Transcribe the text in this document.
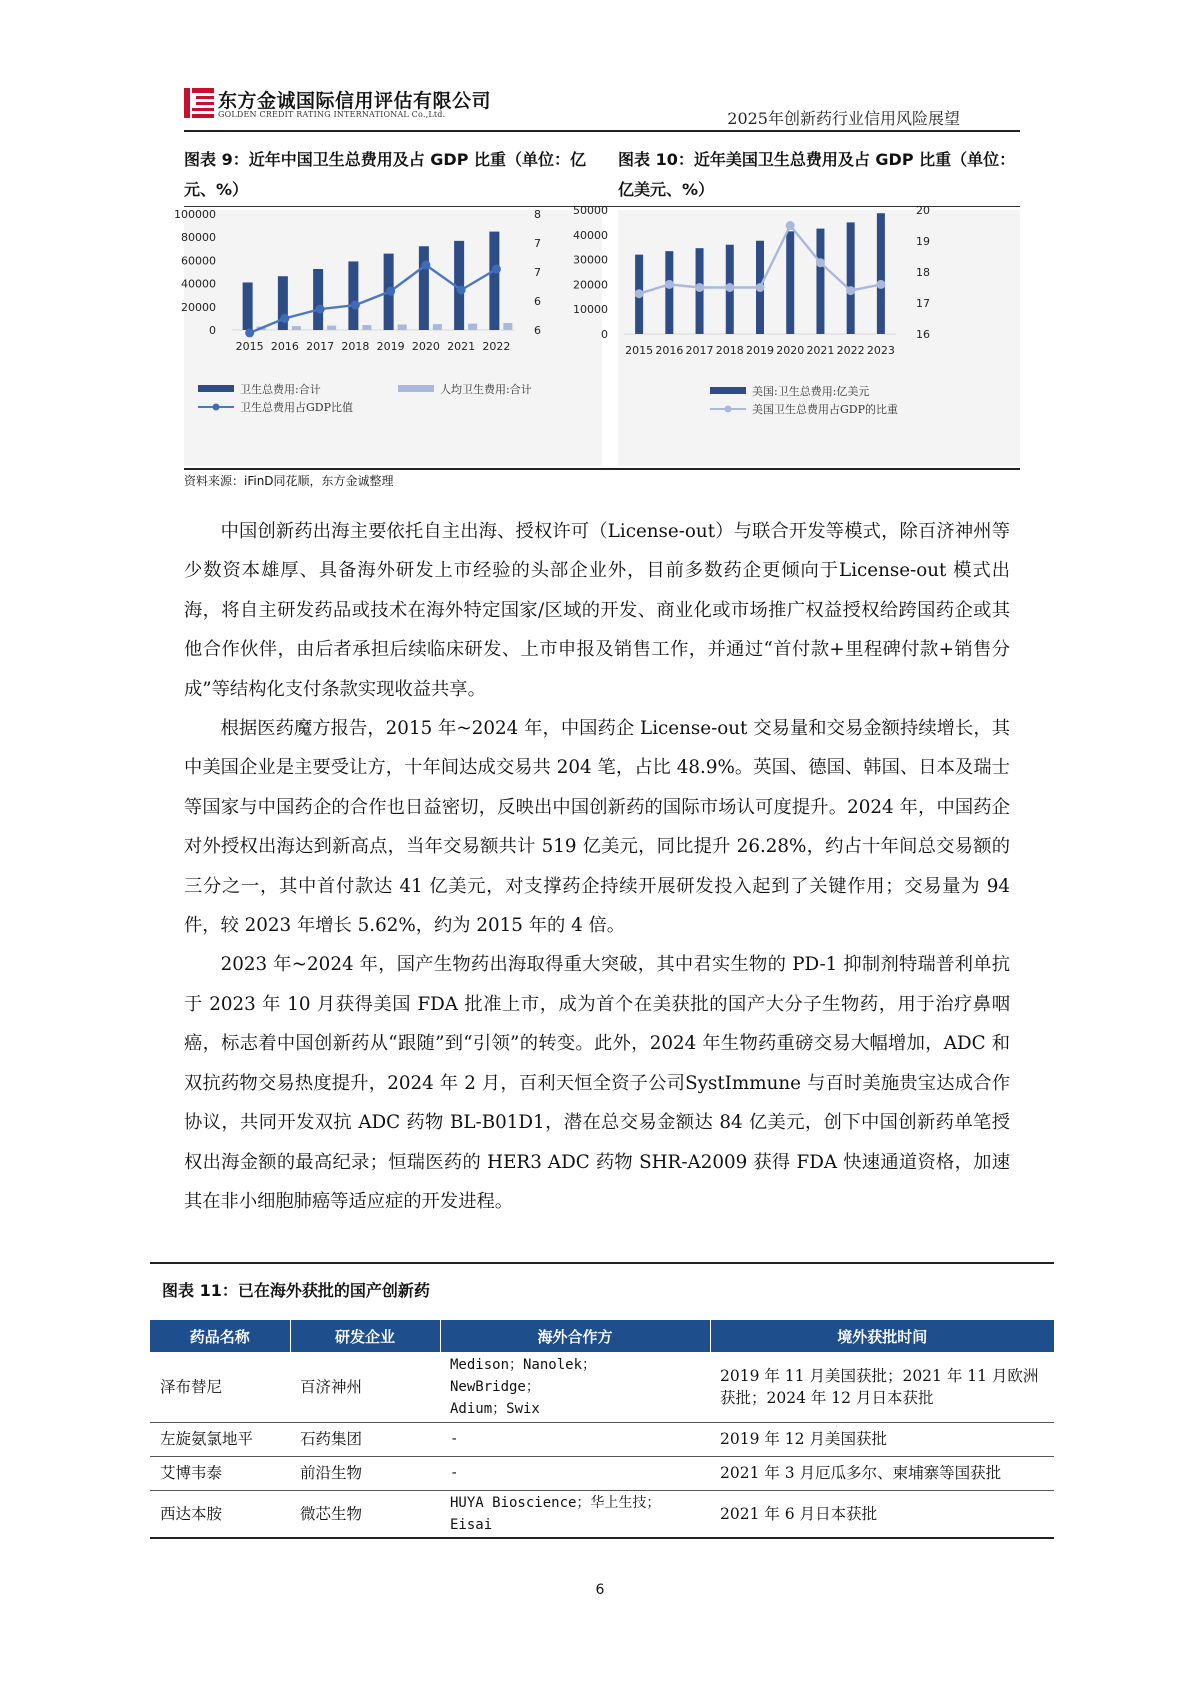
东方金诚国际信用评估有限公司
GOLDEN CREDIT RATING INTERNATIONAL Co.,Ltd.	2025年创新药行业信用风险展望
图表 9：近年中国卫生总费用及占 GDP 比重（单位：亿元、%）
图表 10：近年美国卫生总费用及占 GDP 比重（单位：亿美元、%）
0
20000
40000
60000
80000
100000
6
6
7
7
8
2015 2016 2017 2018 2019 2020 2021 2022
卫生总费用:合计	人均卫生费用:合计
卫生总费用占GDP比值
0
10000
20000
30000
40000
50000
16
17
18
19
20
2015 2016 2017 2018 2019 2020 2021 2022 2023
美国:卫生总费用:亿美元
美国卫生总费用占GDP的比重
资料来源：iFinD同花顺，东方金诚整理

中国创新药出海主要依托自主出海、授权许可（License-out）与联合开发等模式，除百济神州等少数资本雄厚、具备海外研发上市经验的头部企业外，目前多数药企更倾向于License-out 模式出海，将自主研发药品或技术在海外特定国家/区域的开发、商业化或市场推广权益授权给跨国药企或其他合作伙伴，由后者承担后续临床研发、上市申报及销售工作，并通过“首付款+里程碑付款+销售分成”等结构化支付条款实现收益共享。

根据医药魔方报告，2015 年~2024 年，中国药企 License-out 交易量和交易金额持续增长，其中美国企业是主要受让方，十年间达成交易共 204 笔，占比 48.9%。英国、德国、韩国、日本及瑞士等国家与中国药企的合作也日益密切，反映出中国创新药的国际市场认可度提升。2024 年，中国药企对外授权出海达到新高点，当年交易额共计 519 亿美元，同比提升 26.28%，约占十年间总交易额的三分之一，其中首付款达 41 亿美元，对支撑药企持续开展研发投入起到了关键作用；交易量为 94 件，较 2023 年增长 5.62%，约为 2015 年的 4 倍。

2023 年~2024 年，国产生物药出海取得重大突破，其中君实生物的 PD-1 抑制剂特瑞普利单抗于 2023 年 10 月获得美国 FDA 批准上市，成为首个在美获批的国产大分子生物药，用于治疗鼻咽癌，标志着中国创新药从“跟随”到“引领”的转变。此外，2024 年生物药重磅交易大幅增加，ADC 和双抗药物交易热度提升，2024 年 2 月，百利天恒全资子公司SystImmune 与百时美施贵宝达成合作协议，共同开发双抗 ADC 药物 BL-B01D1，潜在总交易金额达 84 亿美元，创下中国创新药单笔授权出海金额的最高纪录；恒瑞医药的 HER3 ADC 药物 SHR-A2009 获得 FDA 快速通道资格，加速其在非小细胞肺癌等适应症的开发进程。

图表 11：已在海外获批的国产创新药
药品名称	研发企业	海外合作方	境外获批时间
泽布替尼	百济神州	Medison；Nanolek；
NewBridge；
Adium；Swix	2019 年 11 月美国获批；2021 年 11 月欧洲获批；2024 年 12 月日本获批
左旋氨氯地平	石药集团	-	2019 年 12 月美国获批
艾博韦泰	前沿生物	-	2021 年 3 月厄瓜多尔、柬埔寨等国获批
西达本胺	微芯生物	HUYA Bioscience；华上生技；
Eisai	2021 年 6 月日本获批
6
